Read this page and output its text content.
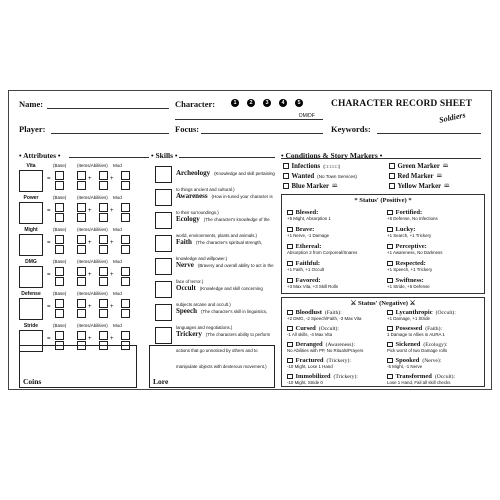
Name:
Player:
Character:	1	2	3	4	5
DM/DF
CHARACTER RECORD SHEET
Soldiers
Focus:	Keywords:
• Attributes •
Vita	(Base) (Items/Abilities) Mod
=	+	+
Power	(Base) (Items/Abilities) Mod
=	+	+
Might	(Base) (Items/Abilities) Mod
=	+	+
DMG	(Base) (Items/Abilities) Mod
=	+	+
Defense	(Base) (Items/Abilities) Mod
=	+	+
Stride	(Base) (Items/Abilities) Mod
=	+	+
• Skills •
Archeology (Knowledge and skill pertaining to things ancient and cultural.)
Awareness (How in-tuned your character is to their surroundings.)
Ecology (The character's knowledge of the world, environments, plants and animals.)
Faith (The character's spiritual strength, knowledge and willpower.)
Nerve (Bravery and overall ability to act in the face of terror.)
Occult (Knowledge and skill concerning subjects arcane and occult.)
Speech (The character's skill in linguistics, languages and negotiations.)
Trickery (The characters ability to perform actions that go unnoticed by others and to manipulate objects with dexterous movement.)
Coins	Lore
• Conditions & Story Markers •
Infections (□□□□□)
Wanted (No Town Services)
Blue Marker 🕮
Green Marker 🕮
Red Marker 🕮
Yellow Marker 🕮
* Status' (Positive) *
Blessed:
+5 Might, Absorption 1
Fortified:
+5 Defense, No Infections
Brave:
+1 Nerve, -1 Damage
Lucky:
+1 Search, +1 Trickery
Ethereal:
Absorption 2 from Corporeal/Snares
Perceptive:
+1 Awareness, No Darkness
Faithful:
+1 Faith, +1 Occult
Respected:
+1 Speech, +1 Trickery
Favored:
+3 Max Vita, +3 Skill Rolls
Swiftness:
+1 Stride, +5 Defense
⚔ Status' (Negative) ⚔
Bloodlust (Faith):
+2 DMG, -2 Speech/Faith, -3 Max Vita
Lycanthropic (Occult):
+1 Damage, +1 Stride
Cursed (Occult):
-1 All skills, -4 Max Vita
Possessed (Faith):
1 Damage to Allies in AURA 1
Deranged (Awareness):
No Abilities with PP, No Rituals/Prayers
Sickened (Ecology):
Pick worst of two Damage rolls
Fractured (Trickery):
-10 Might, Lose 1 Hand
Spooked (Nerve):
-5 Might, -1 Nerve
Immobilized (Trickery):
-10 Might, Stride 0
Transformed (Occult):
Lose 1 Hand, Fail all skill checks
